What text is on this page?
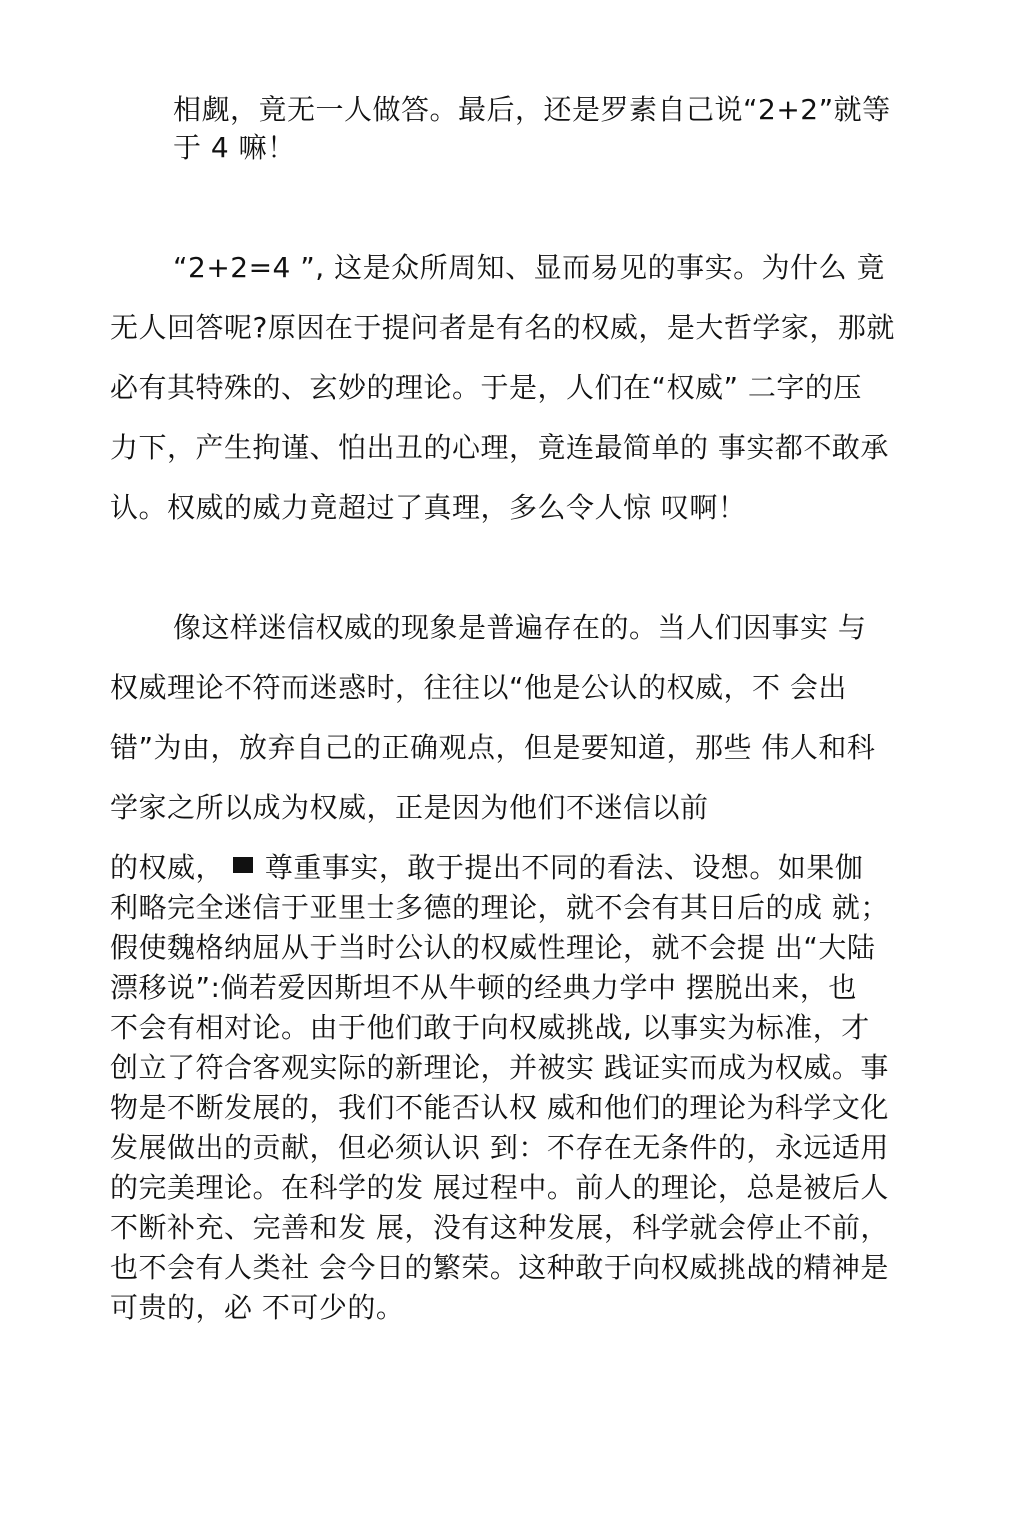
相觑，竟无一人做答。最后，还是罗素自己说“2+2”就等
于 4 嘛！
“2+2=4 ”, 这是众所周知、显而易见的事实。为什么 竟
无人回答呢?原因在于提问者是有名的权威，是大哲学家，那就
必有其特殊的、玄妙的理论。于是，人们在“权威” 二字的压
力下，产生拘谨、怕出丑的心理，竟连最简单的 事实都不敢承
认。权威的威力竟超过了真理，多么令人惊 叹啊！
像这样迷信权威的现象是普遍存在的。当人们因事实 与
权威理论不符而迷惑时，往往以“他是公认的权威，不 会出
错”为由，放弃自己的正确观点，但是要知道，那些 伟人和科
学家之所以成为权威，正是因为他们不迷信以前
的权威， 尊重事实，敢于提出不同的看法、设想。如果伽
利略完全迷信于亚里士多德的理论，就不会有其日后的成 就；
假使魏格纳屈从于当时公认的权威性理论，就不会提 出“大陆
漂移说”:倘若爱因斯坦不从牛顿的经典力学中 摆脱出来，也
不会有相对论。由于他们敢于向权威挑战, 以事实为标准，才
创立了符合客观实际的新理论，并被实 践证实而成为权威。事
物是不断发展的，我们不能否认权 威和他们的理论为科学文化
发展做出的贡献，但必须认识 到：不存在无条件的，永远适用
的完美理论。在科学的发 展过程中。前人的理论，总是被后人
不断补充、完善和发 展，没有这种发展，科学就会停止不前，
也不会有人类社 会今日的繁荣。这种敢于向权威挑战的精神是
可贵的，必 不可少的。
